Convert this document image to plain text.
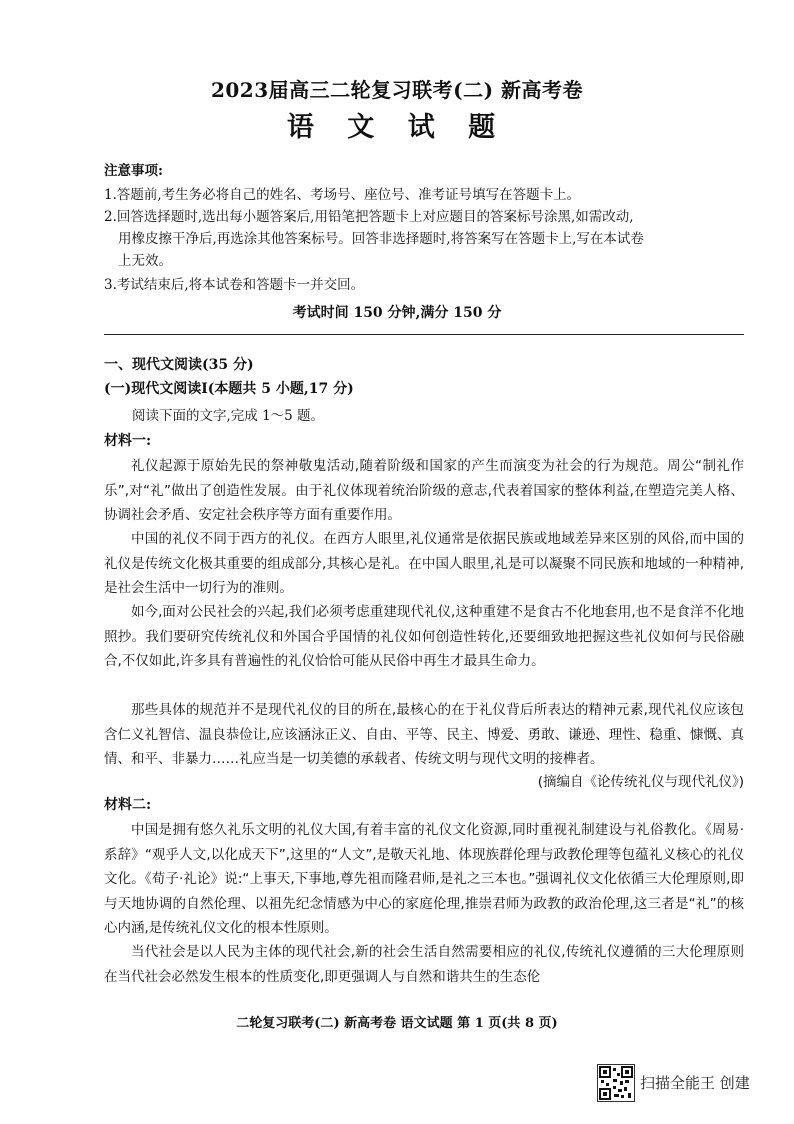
2023届高三二轮复习联考(二) 新高考卷
语 文 试 题
注意事项:
1.答题前,考生务必将自己的姓名、考场号、座位号、准考证号填写在答题卡上。
2.回答选择题时,选出每小题答案后,用铅笔把答题卡上对应题目的答案标号涂黑,如需改动,
用橡皮擦干净后,再选涂其他答案标号。回答非选择题时,将答案写在答题卡上,写在本试卷
上无效。
3.考试结束后,将本试卷和答题卡一并交回。
考试时间 150 分钟,满分 150 分
一、现代文阅读(35 分)
(一)现代文阅读Ⅰ(本题共 5 小题,17 分)
阅读下面的文字,完成 1～5 题。
材料一:
礼仪起源于原始先民的祭神敬鬼活动,随着阶级和国家的产生而演变为社会的行为规范。周公“制礼作乐”,对“礼”做出了创造性发展。由于礼仪体现着统治阶级的意志,代表着国家的整体利益,在塑造完美人格、协调社会矛盾、安定社会秩序等方面有重要作用。
中国的礼仪不同于西方的礼仪。在西方人眼里,礼仪通常是依据民族或地域差异来区别的风俗,而中国的礼仪是传统文化极其重要的组成部分,其核心是礼。在中国人眼里,礼是可以凝聚不同民族和地域的一种精神,是社会生活中一切行为的准则。
如今,面对公民社会的兴起,我们必须考虑重建现代礼仪,这种重建不是食古不化地套用,也不是食洋不化地照抄。我们要研究传统礼仪和外国合乎国情的礼仪如何创造性转化,还要细致地把握这些礼仪如何与民俗融合,不仅如此,许多具有普遍性的礼仪恰恰可能从民俗中再生才最具生命力。
那些具体的规范并不是现代礼仪的目的所在,最核心的在于礼仪背后所表达的精神元素,现代礼仪应该包含仁义礼智信、温良恭俭让,应该涵泳正义、自由、平等、民主、博爱、勇敢、谦逊、理性、稳重、慷慨、真情、和平、非暴力……礼应当是一切美德的承载者、传统文明与现代文明的接榫者。
(摘编自《论传统礼仪与现代礼仪》)
材料二:
中国是拥有悠久礼乐文明的礼仪大国,有着丰富的礼仪文化资源,同时重视礼制建设与礼俗教化。《周易·系辞》“观乎人文,以化成天下”,这里的“人文”,是敬天礼地、体现族群伦理与政教伦理等包蕴礼义核心的礼仪文化。《荀子·礼论》说:“上事天,下事地,尊先祖而隆君师,是礼之三本也。”强调礼仪文化依循三大伦理原则,即与天地协调的自然伦理、以祖先纪念情感为中心的家庭伦理,推崇君师为政教的政治伦理,这三者是“礼”的核心内涵,是传统礼仪文化的根本性原则。
当代社会是以人民为主体的现代社会,新的社会生活自然需要相应的礼仪,传统礼仪遵循的三大伦理原则在当代社会必然发生根本的性质变化,即更强调人与自然和谐共生的生态伦
二轮复习联考(二) 新高考卷 语文试题 第 1 页(共 8 页)
扫描全能王 创建
